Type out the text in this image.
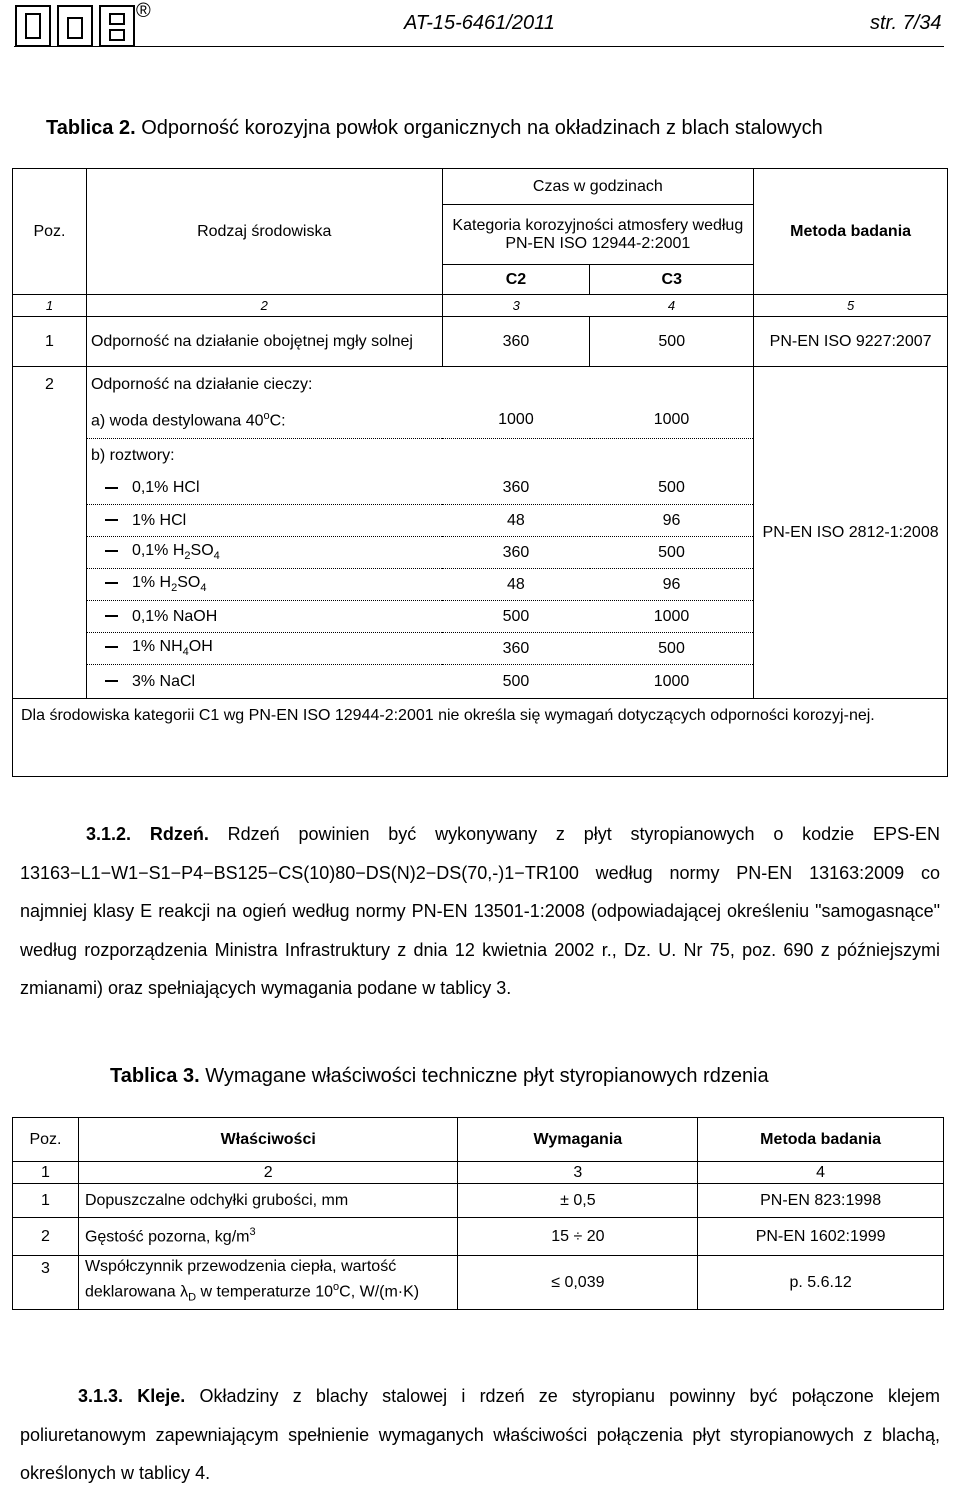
®
AT-15-6461/2011	str. 7/34
Tablica 2. Odporność korozyjna powłok organicznych na okładzinach z blach stalowych
Poz.	Rodzaj środowiska	Czas w godzinach		Metoda badania
		Kategoria korozyjności atmosfery według PN-EN ISO 12944-2:2001		
		C2	C3	
1	2	3	4	5
1	Odporność na działanie obojętnej mgły solnej	360	500	PN-EN ISO 9227:2007
2	Odporność na działanie cieczy:			PN-EN ISO 2812-1:2008
	a) woda destylowana 40$^o$C:	1000	1000	
	b) roztwory:			
	0,1% HCl	360	500	
	1% HCl	48	96	
	0,1% $H_2SO_4$	360	500	
	1% $H_2SO_4$	48	96	
	0,1% NaOH	500	1000	
	1% $NH_4OH$	360	500	
	3% NaCl	500	1000	
Dla środowiska kategorii C1 wg PN-EN ISO 12944-2:2001 nie określa się wymagań dotyczących odporności korozyj-nej.				
3.1.2. Rdzeń. Rdzeń powinien być wykonywany z płyt styropianowych o kodzie EPS-EN 13163−L1−W1−S1−P4−BS125−CS(10)80−DS(N)2−DS(70,-)1−TR100 według normy PN-EN 13163:2009 co najmniej klasy E reakcji na ogień według normy PN-EN 13501-1:2008 (odpowiadającej określeniu "samogasnące" według rozporządzenia Ministra Infrastruktury z dnia 12 kwietnia 2002 r., Dz. U. Nr 75, poz. 690 z późniejszymi zmianami) oraz spełniających wymagania podane w tablicy 3.
Tablica 3. Wymagane właściwości techniczne płyt styropianowych rdzenia
Poz.	Właściwości	Wymagania	Metoda badania
1	2	3	4
1	Dopuszczalne odchyłki grubości, mm	± 0,5	PN-EN 823:1998
2	Gęstość pozorna, $kg/m^3$	15 ÷ 20	PN-EN 1602:1999
3	Współczynnik przewodzenia ciepła, wartość
deklarowana $\lambda_D$ w temperaturze 10$^o$C, W/(m·K)	≤ 0,039	p. 5.6.12
3.1.3. Kleje. Okładziny z blachy stalowej i rdzeń ze styropianu powinny być połączone klejem poliuretanowym zapewniającym spełnienie wymaganych właściwości połączenia płyt styropianowych z blachą, określonych w tablicy 4.
